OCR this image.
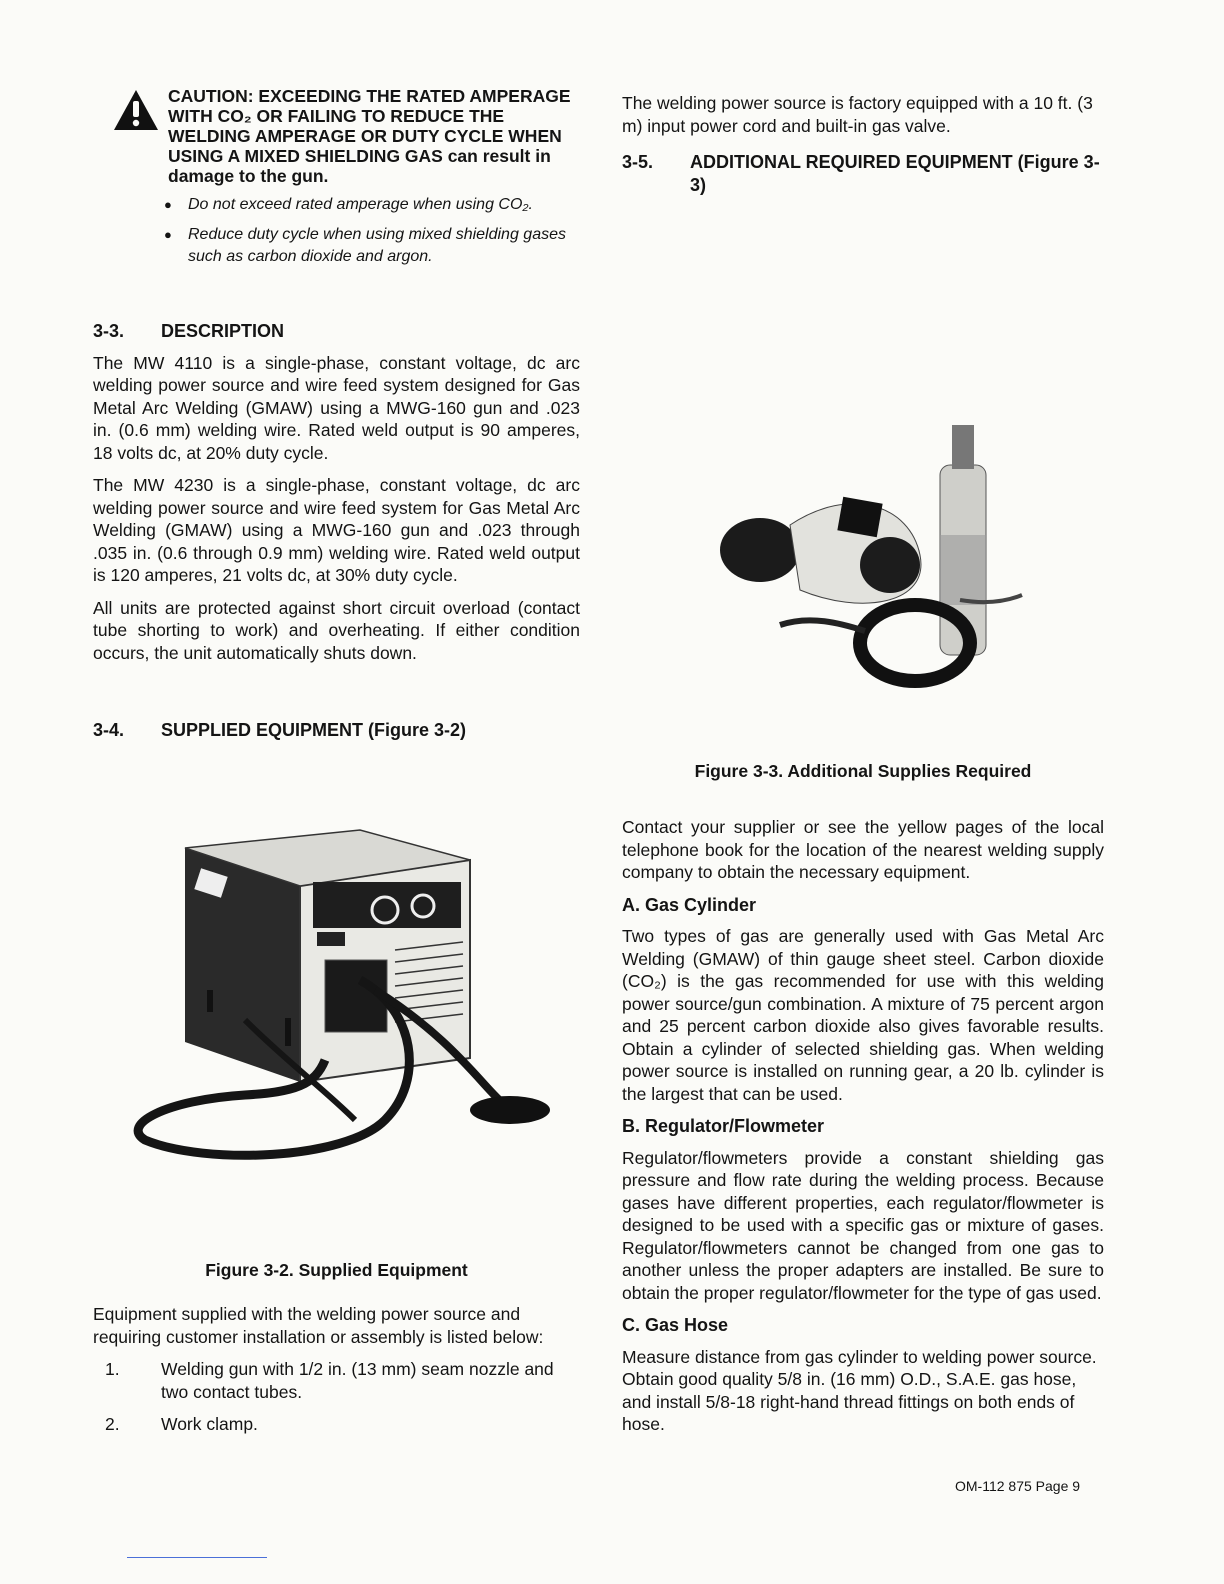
CAUTION: EXCEEDING THE RATED AMPERAGE WITH CO₂ OR FAILING TO REDUCE THE WELDING AMPERAGE OR DUTY CYCLE WHEN USING A MIXED SHIELDING GAS can result in damage to the gun.
● Do not exceed rated amperage when using CO₂.
● Reduce duty cycle when using mixed shielding gases such as carbon dioxide and argon.
3-3.	DESCRIPTION

The MW 4110 is a single-phase, constant voltage, dc arc welding power source and wire feed system designed for Gas Metal Arc Welding (GMAW) using a MWG-160 gun and .023 in. (0.6 mm) welding wire. Rated weld output is 90 amperes, 18 volts dc, at 20% duty cycle.

The MW 4230 is a single-phase, constant voltage, dc arc welding power source and wire feed system for Gas Metal Arc Welding (GMAW) using a MWG-160 gun and .023 through .035 in. (0.6 through 0.9 mm) welding wire. Rated weld output is 120 amperes, 21 volts dc, at 30% duty cycle.

All units are protected against short circuit overload (contact tube shorting to work) and overheating. If either condition occurs, the unit automatically shuts down.

3-4.	SUPPLIED EQUIPMENT (Figure 3-2)
Figure 3-2. Supplied Equipment

Equipment supplied with the welding power source and requiring customer installation or assembly is listed below:

1.	Welding gun with 1/2 in. (13 mm) seam nozzle and two contact tubes.
2.	Work clamp.

The welding power source is factory equipped with a 10 ft. (3 m) input power cord and built-in gas valve.

3-5.	ADDITIONAL REQUIRED EQUIPMENT (Figure 3-3)
Figure 3-3. Additional Supplies Required

Contact your supplier or see the yellow pages of the local telephone book for the location of the nearest welding supply company to obtain the necessary equipment.

A. Gas Cylinder

Two types of gas are generally used with Gas Metal Arc Welding (GMAW) of thin gauge sheet steel. Carbon dioxide (CO₂) is the gas recommended for use with this welding power source/gun combination. A mixture of 75 percent argon and 25 percent carbon dioxide also gives favorable results. Obtain a cylinder of selected shielding gas. When welding power source is installed on running gear, a 20 lb. cylinder is the largest that can be used.

B. Regulator/Flowmeter

Regulator/flowmeters provide a constant shielding gas pressure and flow rate during the welding process. Because gases have different properties, each regulator/flowmeter is designed to be used with a specific gas or mixture of gases. Regulator/flowmeters cannot be changed from one gas to another unless the proper adapters are installed. Be sure to obtain the proper regulator/flowmeter for the type of gas used.

C. Gas Hose

Measure distance from gas cylinder to welding power source. Obtain good quality 5/8 in. (16 mm) O.D., S.A.E. gas hose, and install 5/8-18 right-hand thread fittings on both ends of hose.

OM-112 875 Page 9
